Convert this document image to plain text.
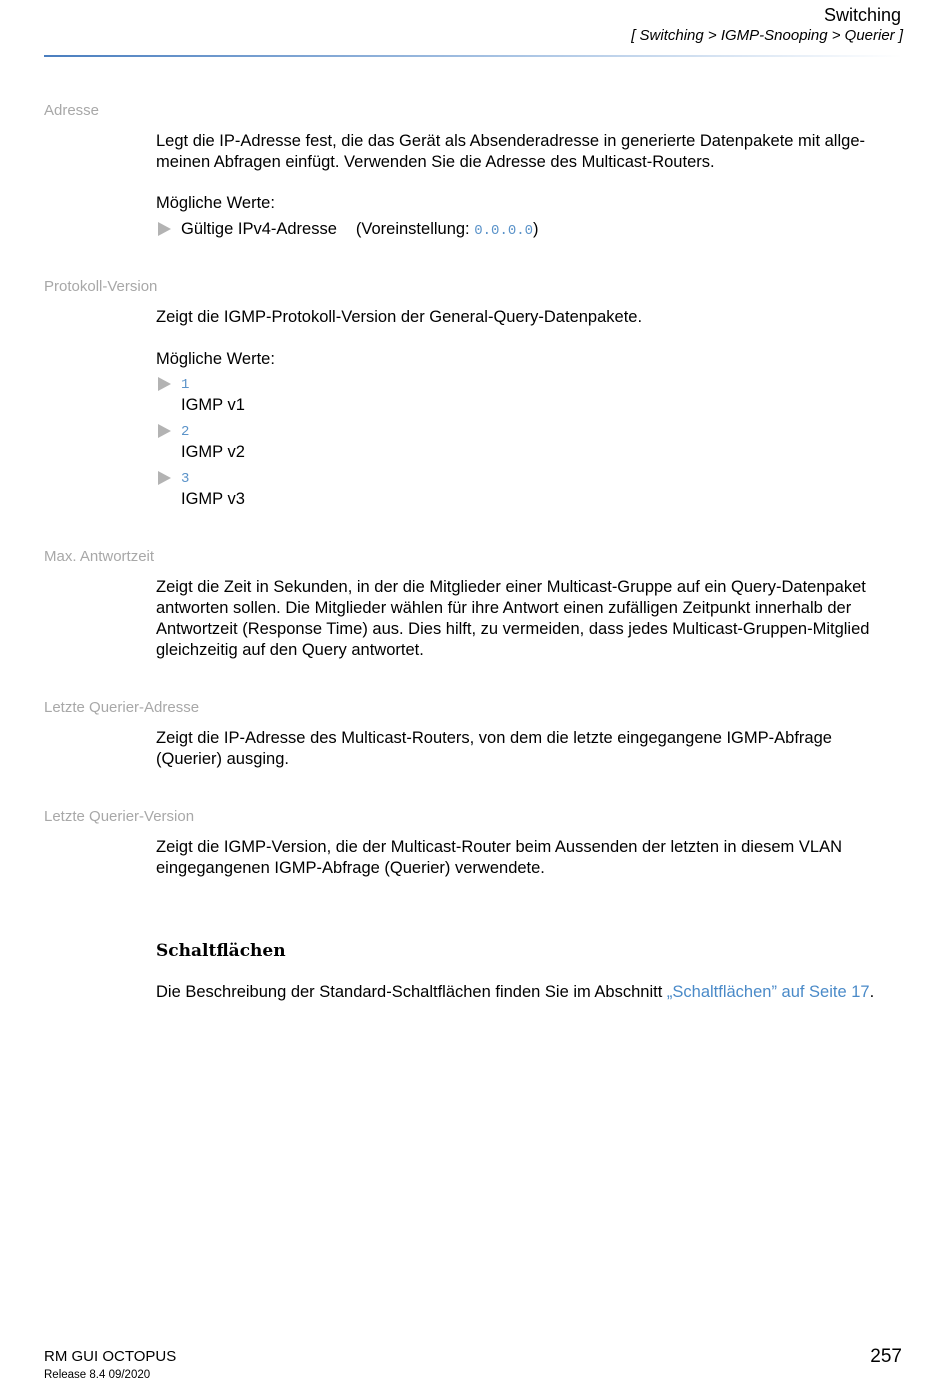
Switching
[ Switching > IGMP-Snooping > Querier ]
Adresse

Legt die IP-Adresse fest, die das Gerät als Absenderadresse in generierte Datenpakete mit allge-
meinen Abfragen einfügt. Verwenden Sie die Adresse des Multicast-Routers.

Mögliche Werte:
Gültige IPv4-Adresse (Voreinstellung: 0.0.0.0)
Protokoll-Version
Zeigt die IGMP-Protokoll-Version der General-Query-Datenpakete.
Mögliche Werte:
1
IGMP v1
2
IGMP v2
3
IGMP v3
Max. Antwortzeit
Zeigt die Zeit in Sekunden, in der die Mitglieder einer Multicast-Gruppe auf ein Query-Datenpaket
antworten sollen. Die Mitglieder wählen für ihre Antwort einen zufälligen Zeitpunkt innerhalb der
Antwortzeit (Response Time) aus. Dies hilft, zu vermeiden, dass jedes Multicast-Gruppen-Mitglied
gleichzeitig auf den Query antwortet.
Letzte Querier-Adresse
Zeigt die IP-Adresse des Multicast-Routers, von dem die letzte eingegangene IGMP-Abfrage
(Querier) ausging.
Letzte Querier-Version
Zeigt die IGMP-Version, die der Multicast-Router beim Aussenden der letzten in diesem VLAN
eingegangenen IGMP-Abfrage (Querier) verwendete.
Schaltflächen
Die Beschreibung der Standard-Schaltflächen finden Sie im Abschnitt „Schaltflächen” auf Seite 17.
RM GUI OCTOPUS
Release 8.4 09/2020
257
